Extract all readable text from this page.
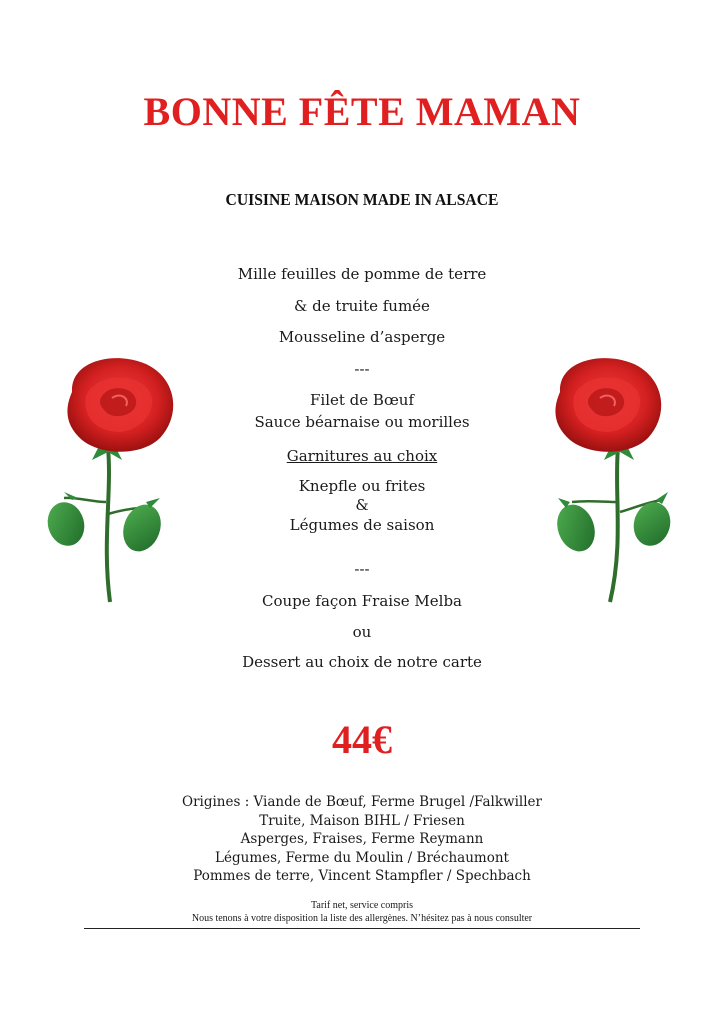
BONNE FÊTE MAMAN
CUISINE MAISON MADE IN ALSACE
Mille feuilles de pomme de terre
& de truite fumée
Mousseline d’asperge
---
Filet de Bœuf
Sauce béarnaise ou morilles
Garnitures au choix
Knepfle ou frites
&
Légumes de saison
---
Coupe façon Fraise Melba
ou
Dessert au choix de notre carte
44€
Origines : Viande de Bœuf, Ferme Brugel /Falkwiller
Truite, Maison BIHL / Friesen
Asperges, Fraises, Ferme Reymann
Légumes, Ferme du Moulin / Bréchaumont
Pommes de terre, Vincent Stampfler / Spechbach
Tarif net, service compris
Nous tenons à votre disposition la liste des allergènes. N’hésitez pas à nous consulter
